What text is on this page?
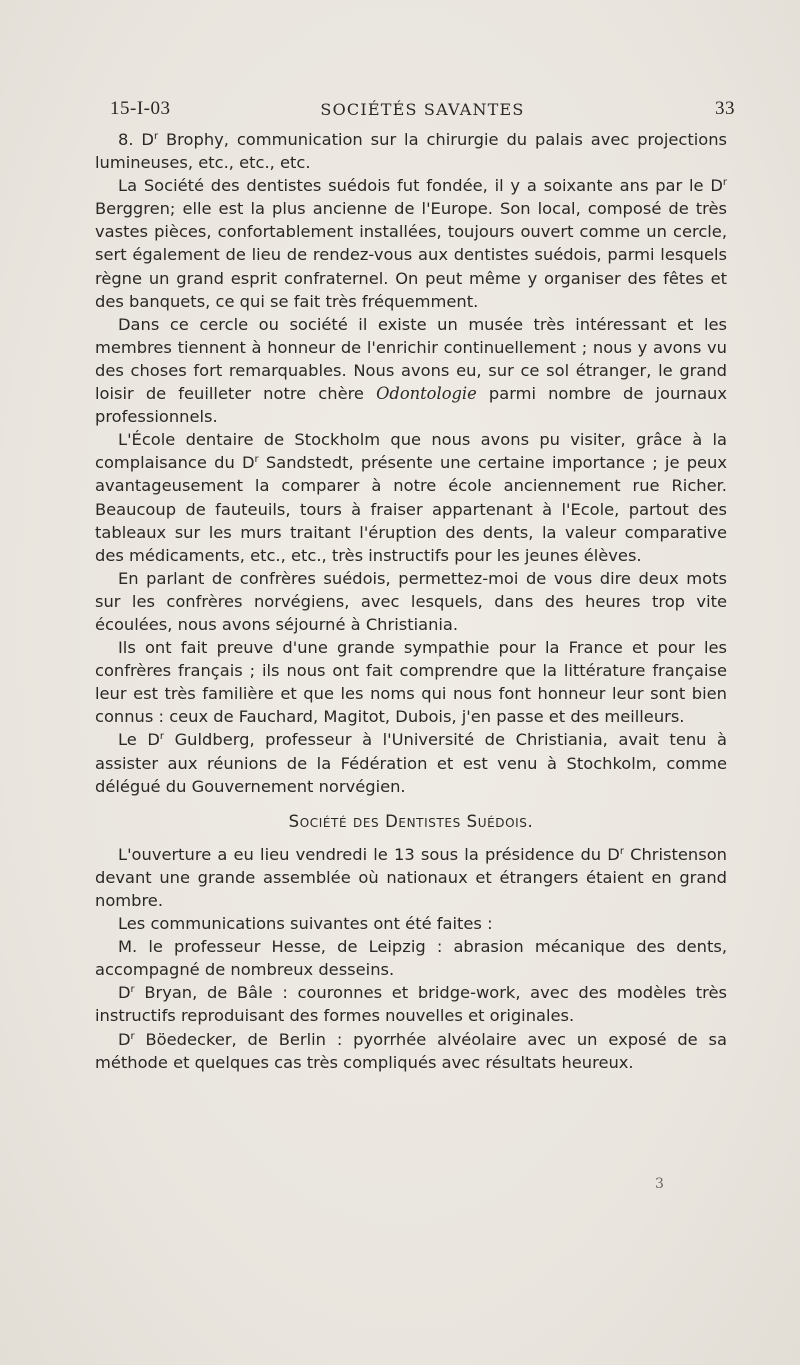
15-I-03	SOCIÉTÉS SAVANTES	33

8. $D^r$ Brophy, communication sur la chirurgie du palais avec projections lumineuses, etc., etc., etc.

La Société des dentistes suédois fut fondée, il y a soixante ans par le $D^r$ Berggren; elle est la plus ancienne de l'Europe. Son local, composé de très vastes pièces, confortablement installées, toujours ouvert comme un cercle, sert également de lieu de rendez-vous aux dentistes suédois, parmi lesquels règne un grand esprit confraternel. On peut même y organiser des fêtes et des banquets, ce qui se fait très fréquemment.

Dans ce cercle ou société il existe un musée très intéressant et les membres tiennent à honneur de l'enrichir continuellement ; nous y avons vu des choses fort remarquables. Nous avons eu, sur ce sol étranger, le grand loisir de feuilleter notre chère Odontologie parmi nombre de journaux professionnels.

L'École dentaire de Stockholm que nous avons pu visiter, grâce à la complaisance du $D^r$ Sandstedt, présente une certaine importance ; je peux avantageusement la comparer à notre école anciennement rue Richer. Beaucoup de fauteuils, tours à fraiser appartenant à l'Ecole, partout des tableaux sur les murs traitant l'éruption des dents, la valeur comparative des médicaments, etc., etc., très instructifs pour les jeunes élèves.

En parlant de confrères suédois, permettez-moi de vous dire deux mots sur les confrères norvégiens, avec lesquels, dans des heures trop vite écoulées, nous avons séjourné à Christiania.

Ils ont fait preuve d'une grande sympathie pour la France et pour les confrères français ; ils nous ont fait comprendre que la littérature française leur est très familière et que les noms qui nous font honneur leur sont bien connus : ceux de Fauchard, Magitot, Dubois, j'en passe et des meilleurs.

Le $D^r$ Guldberg, professeur à l'Université de Christiania, avait tenu à assister aux réunions de la Fédération et est venu à Stochkolm, comme délégué du Gouvernement norvégien.

Société des Dentistes Suédois.

L'ouverture a eu lieu vendredi le 13 sous la présidence du $D^r$ Christenson devant une grande assemblée où nationaux et étrangers étaient en grand nombre.

Les communications suivantes ont été faites :

M. le professeur Hesse, de Leipzig : abrasion mécanique des dents, accompagné de nombreux desseins.

$D^r$ Bryan, de Bâle : couronnes et bridge-work, avec des modèles très instructifs reproduisant des formes nouvelles et originales.

$D^r$ Böedecker, de Berlin : pyorrhée alvéolaire avec un exposé de sa méthode et quelques cas très compliqués avec résultats heureux.

3
